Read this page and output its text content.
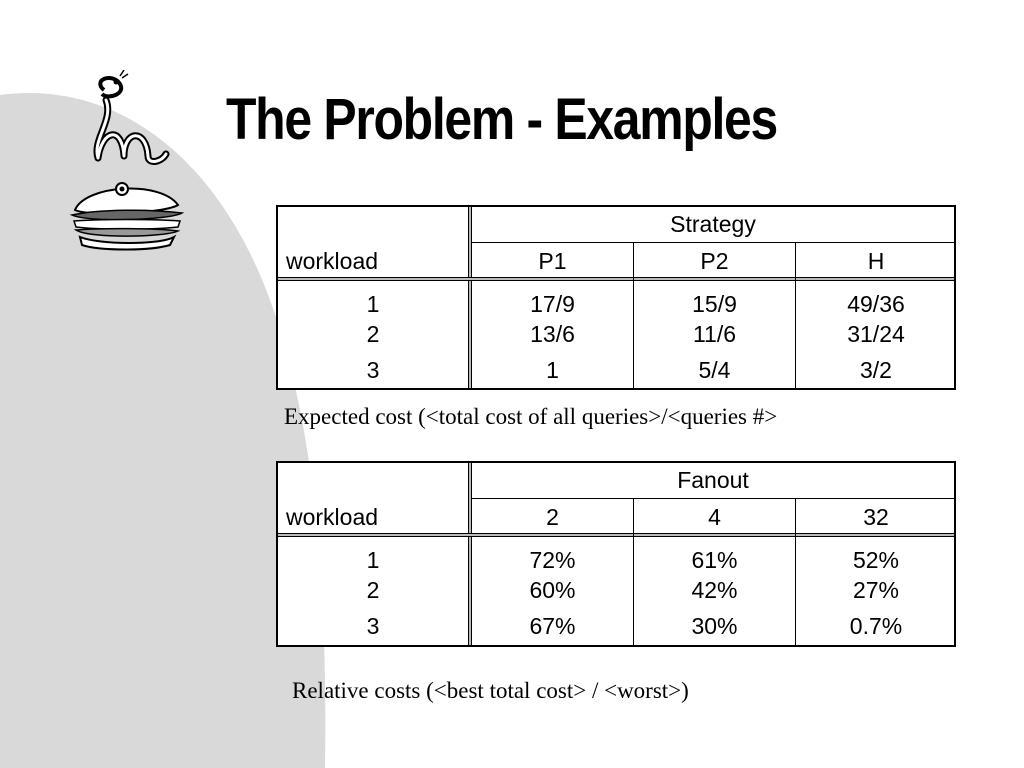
The Problem - Examples
Strategy
workload	P1	P2	H
1	17/9	15/9	49/36
2	13/6	11/6	31/24
3	1	5/4	3/2
Expected cost (<total cost of all queries>/<queries #>
Fanout
workload	2	4	32
1	72%	61%	52%
2	60%	42%	27%
3	67%	30%	0.7%
Relative costs (<best total cost> / <worst>)
